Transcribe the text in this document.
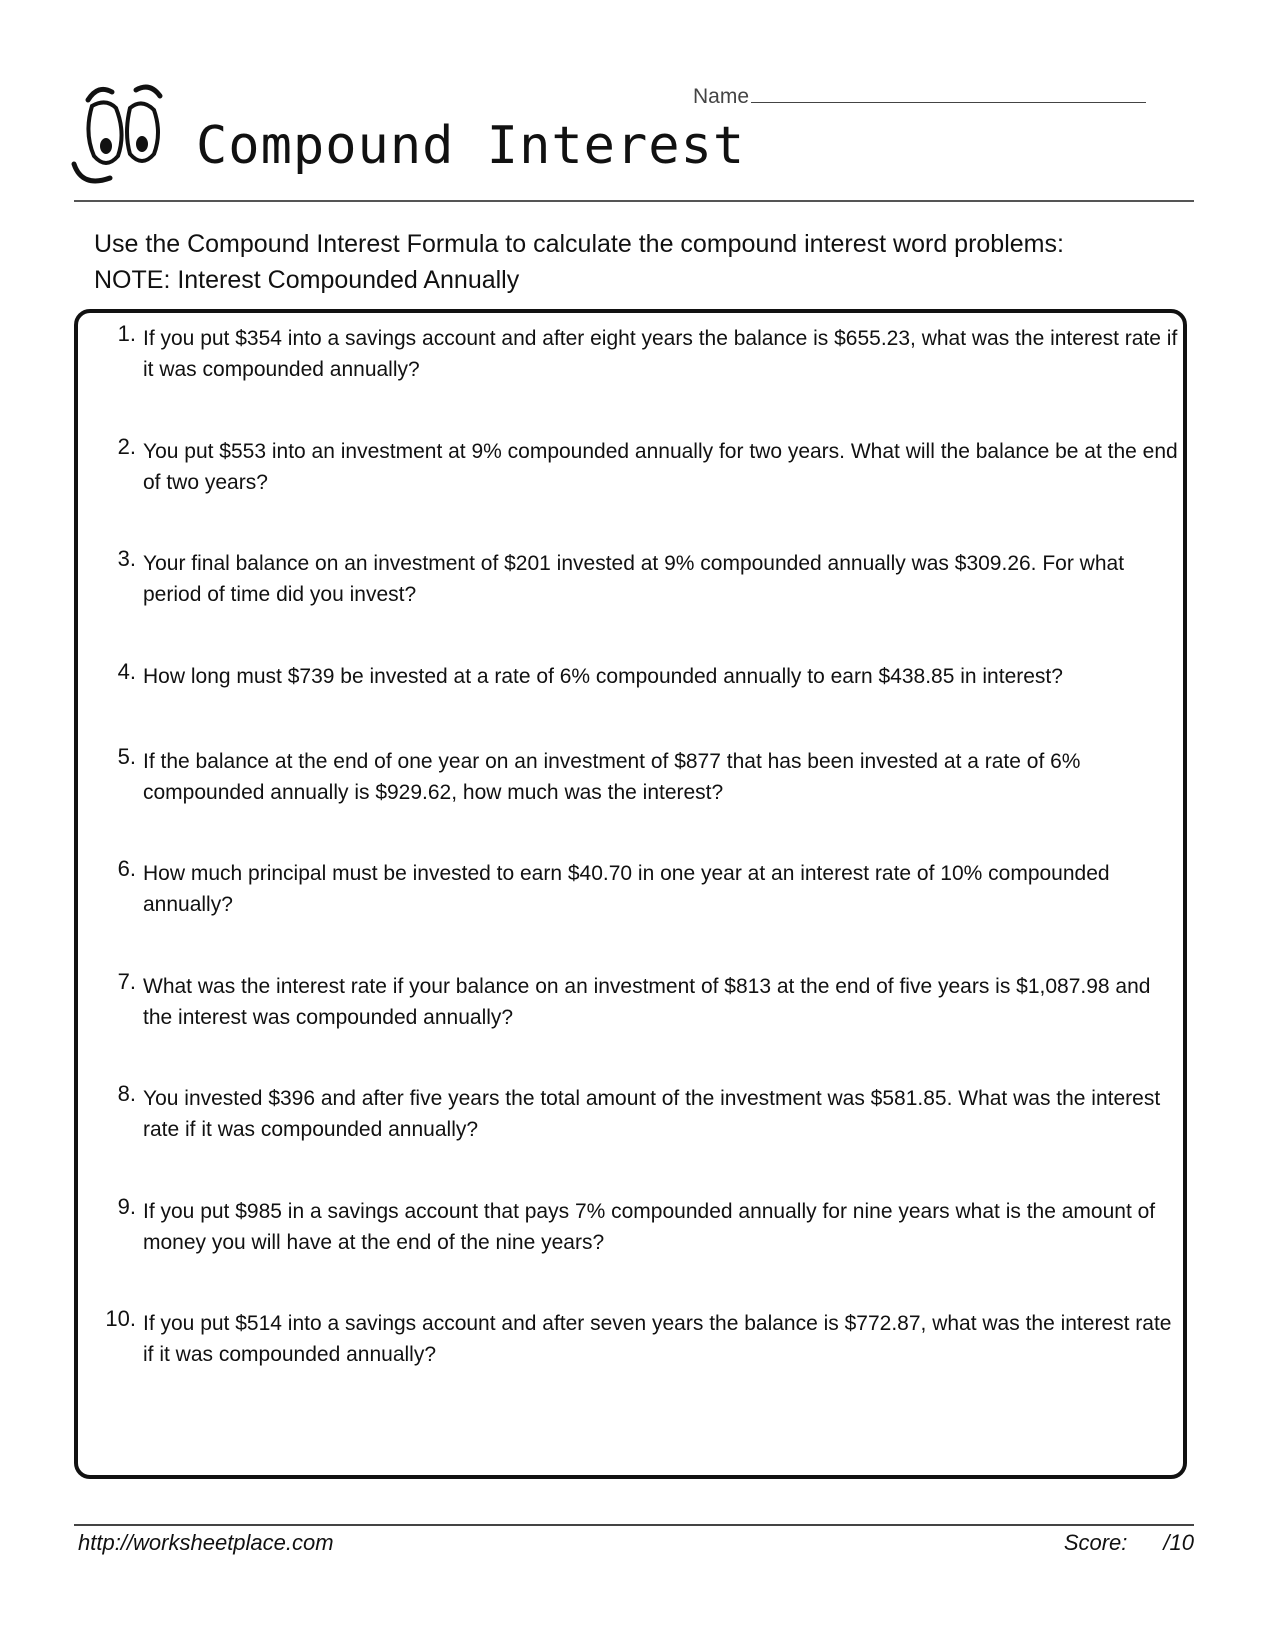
Name
Compound Interest
Use the Compound Interest Formula to calculate the compound interest word problems:
NOTE: Interest Compounded Annually
1. If you put $354 into a savings account and after eight years the balance is $655.23, what was the interest rate if it was compounded annually?
2. You put $553 into an investment at 9% compounded annually for two years. What will the balance be at the end of two years?
3. Your final balance on an investment of $201 invested at 9% compounded annually was $309.26. For what period of time did you invest?
4. How long must $739 be invested at a rate of 6% compounded annually to earn $438.85 in interest?
5. If the balance at the end of one year on an investment of $877 that has been invested at a rate of 6% compounded annually is $929.62, how much was the interest?
6. How much principal must be invested to earn $40.70 in one year at an interest rate of 10% compounded annually?
7. What was the interest rate if your balance on an investment of $813 at the end of five years is $1,087.98 and the interest was compounded annually?
8. You invested $396 and after five years the total amount of the investment was $581.85. What was the interest rate if it was compounded annually?
9. If you put $985 in a savings account that pays 7% compounded annually for nine years what is the amount of money you will have at the end of the nine years?
10. If you put $514 into a savings account and after seven years the balance is $772.87, what was the interest rate if it was compounded annually?
http://worksheetplace.com	Score: /10
